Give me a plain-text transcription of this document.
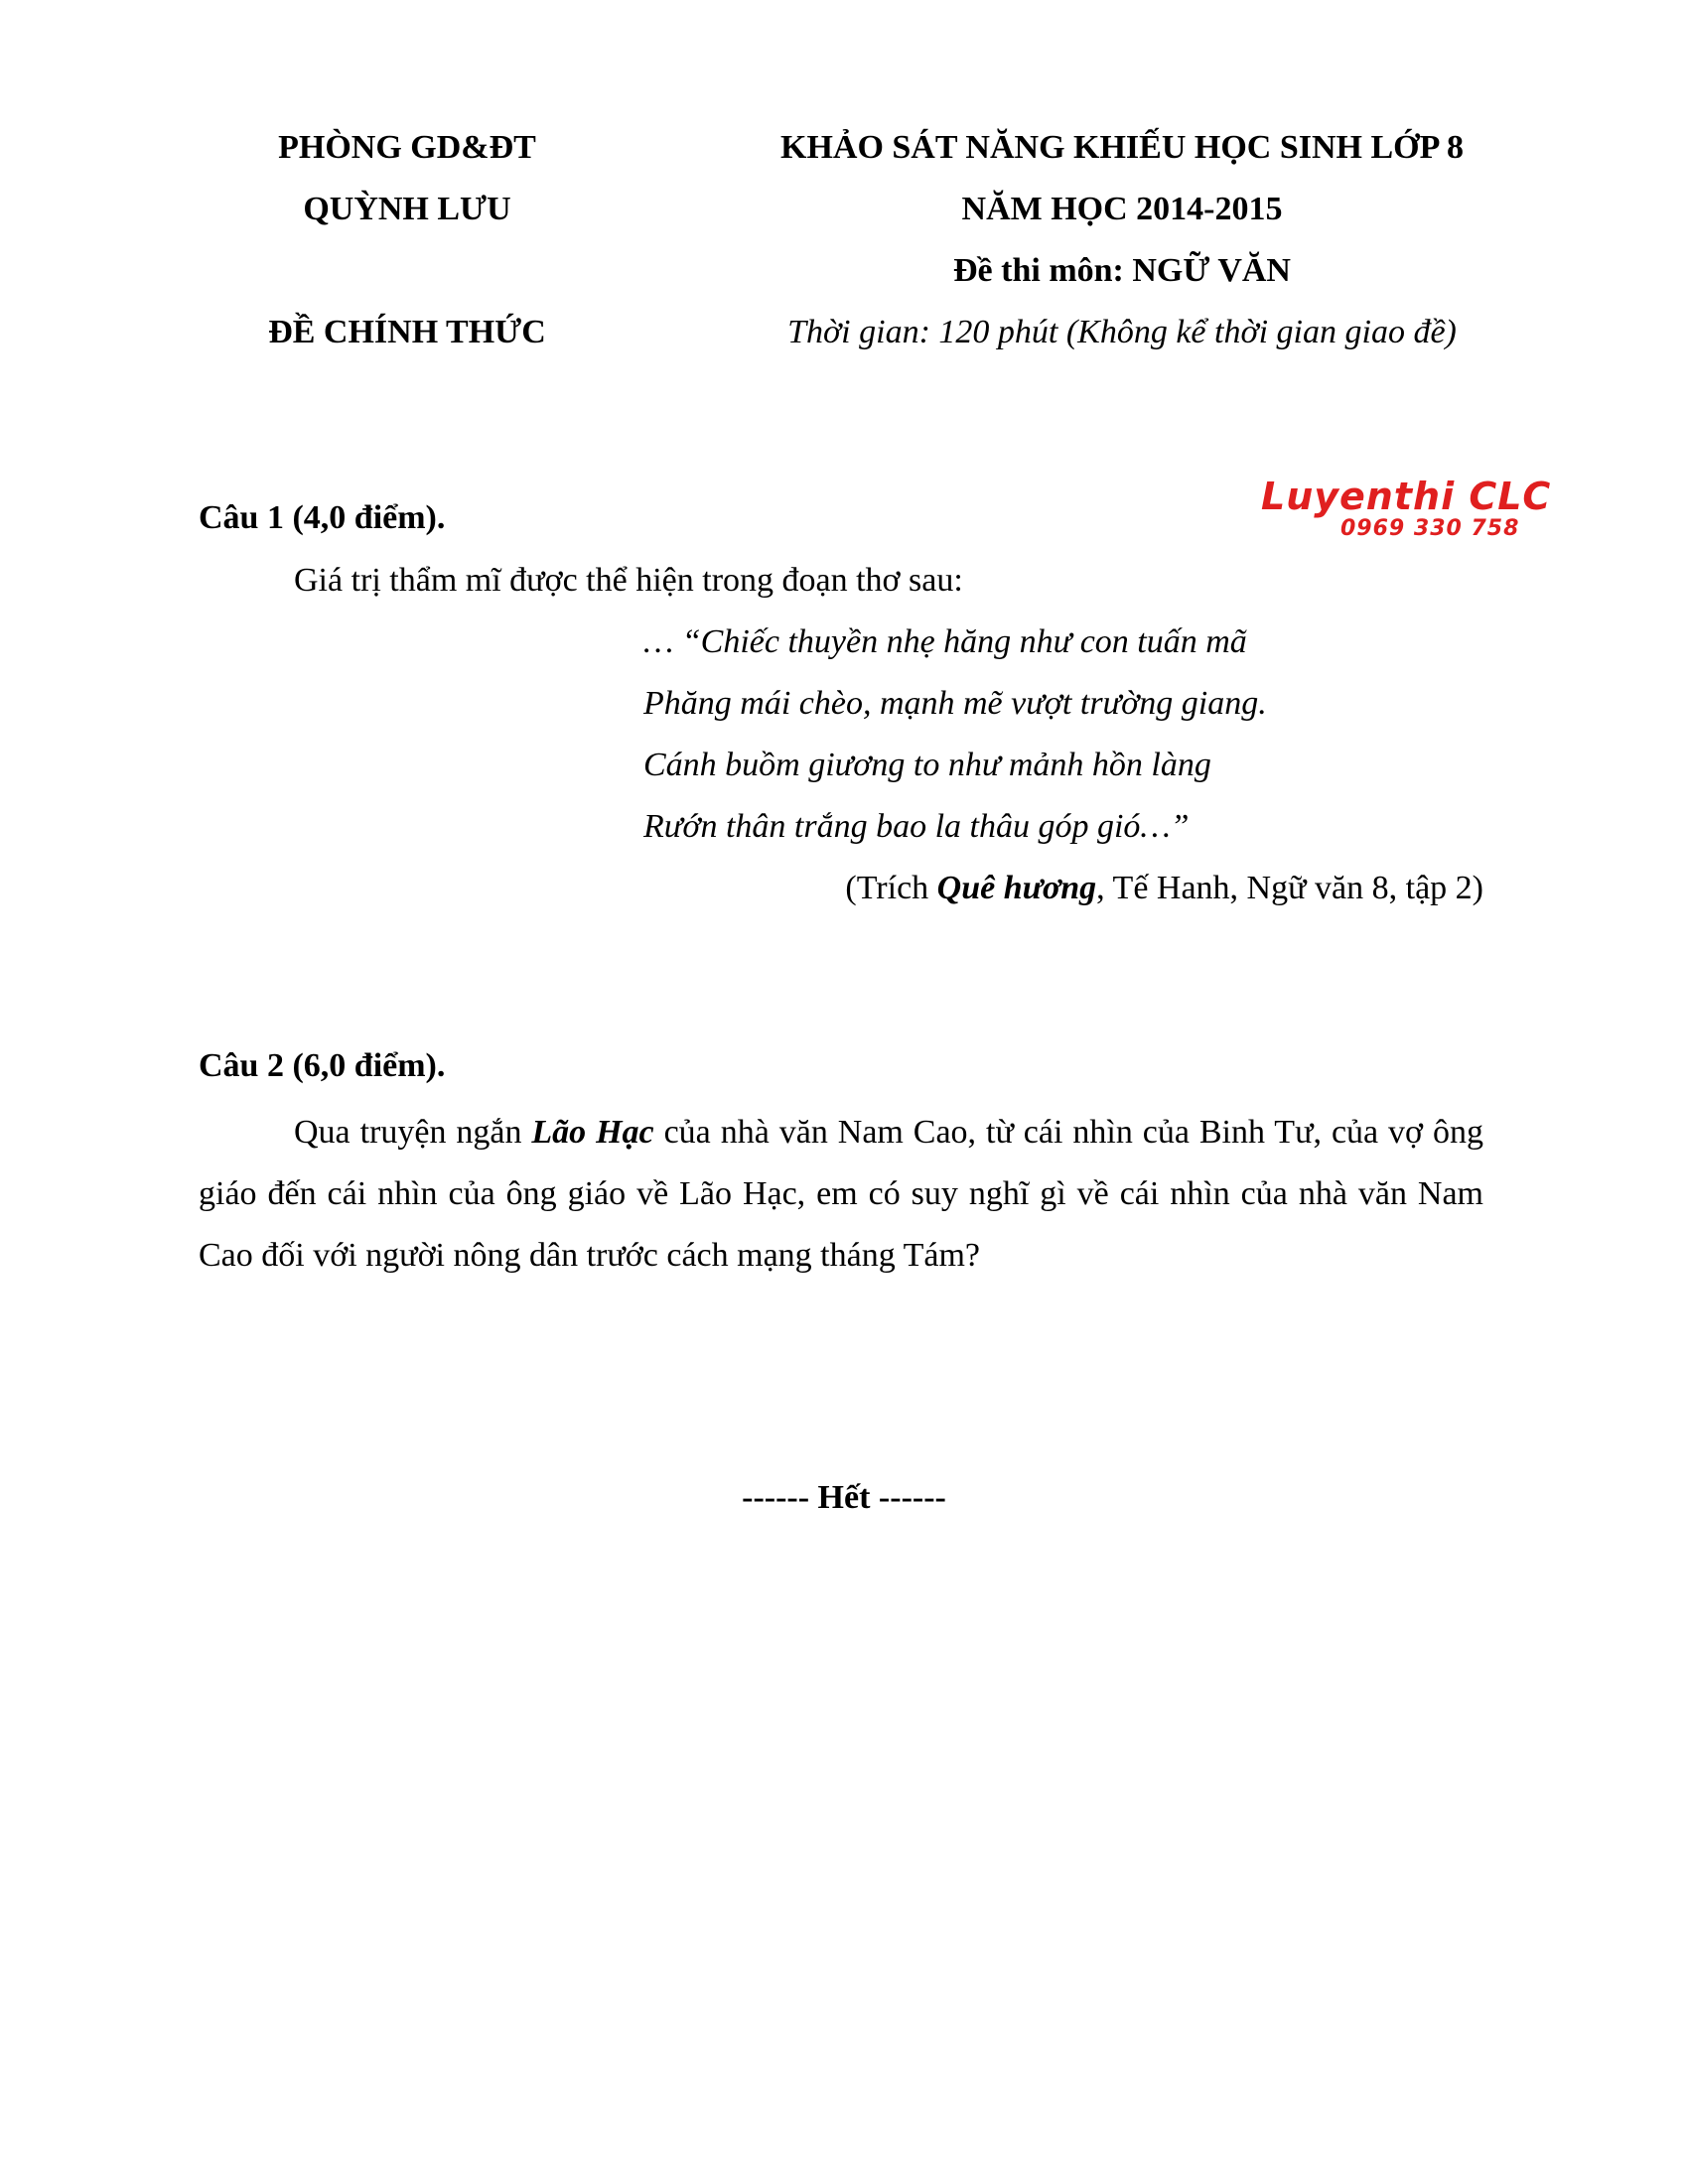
PHÒNG GD&ĐT
QUỲNH LƯU
ĐỀ CHÍNH THỨC
KHẢO SÁT NĂNG KHIẾU HỌC SINH LỚP 8
NĂM HỌC 2014-2015
Đề thi môn: NGỮ VĂN
Thời gian: 120 phút (Không kể thời gian giao đề)
Luyenthi CLC
0969 330 758
Câu 1 (4,0 điểm).
Giá trị thẩm mĩ được thể hiện trong đoạn thơ sau:
… “Chiếc thuyền nhẹ hăng như con tuấn mã
Phăng mái chèo, mạnh mẽ vượt trường giang.
Cánh buồm giương to như mảnh hồn làng
Rướn thân trắng bao la thâu góp gió…”
(Trích Quê hương, Tế Hanh, Ngữ văn 8, tập 2)
Câu 2 (6,0 điểm).
Qua truyện ngắn Lão Hạc của nhà văn Nam Cao, từ cái nhìn của Binh Tư, của vợ ông giáo đến cái nhìn của ông giáo về Lão Hạc, em có suy nghĩ gì về cái nhìn của nhà văn Nam Cao đối với người nông dân trước cách mạng tháng Tám?
------ Hết ------
